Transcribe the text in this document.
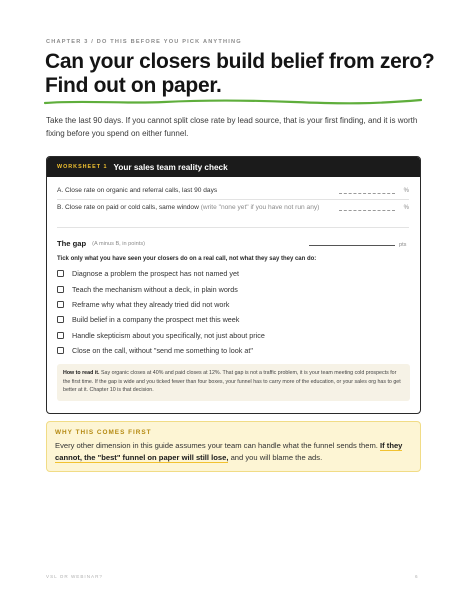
CHAPTER 3 / DO THIS BEFORE YOU PICK ANYTHING
Can your closers build belief from zero? Find out on paper.

Take the last 90 days. If you cannot split close rate by lead source, that is your first finding, and it is worth fixing before you spend on either funnel.

WORKSHEET 1 Your sales team reality check
A. Close rate on organic and referral calls, last 90 days	%
B. Close rate on paid or cold calls, same window (write "none yet" if you have not run any)	%
The gap (A minus B, in points)	pts
Tick only what you have seen your closers do on a real call, not what they say they can do:
Diagnose a problem the prospect has not named yet
Teach the mechanism without a deck, in plain words
Reframe why what they already tried did not work
Build belief in a company the prospect met this week
Handle skepticism about you specifically, not just about price
Close on the call, without "send me something to look at"
How to read it. Say organic closes at 40% and paid closes at 12%. That gap is not a traffic problem, it is your team meeting cold prospects for the first time. If the gap is wide and you ticked fewer than four boxes, your funnel has to carry more of the education, or your sales org has to get better at it. Chapter 10 is that decision.
WHY THIS COMES FIRST

Every other dimension in this guide assumes your team can handle what the funnel sends them. If they cannot, the "best" funnel on paper will still lose, and you will blame the ads.

VSL OR WEBINAR?	6
